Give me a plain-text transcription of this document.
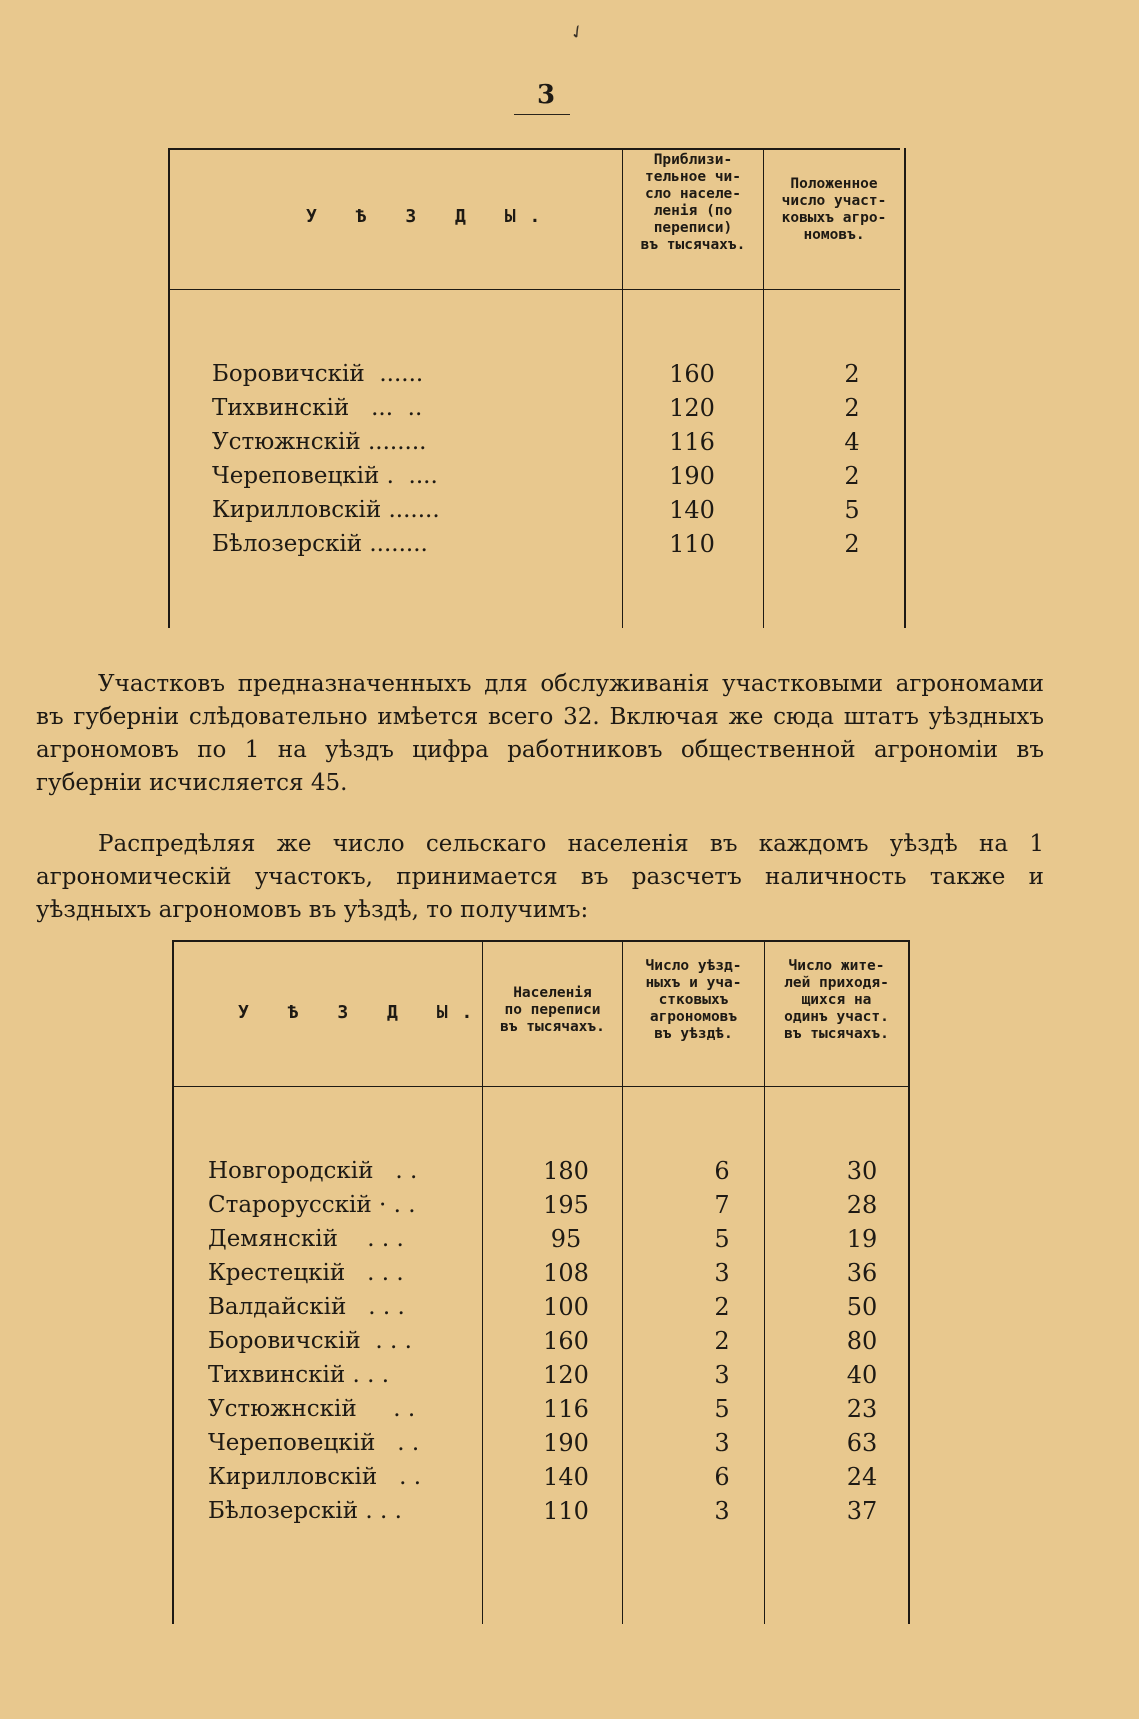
✓
3
У Ѣ З Д Ы.
Приблизи-
тельное чи-
сло населе-
ленія (по
переписи)
въ тысячахъ.
Положенное
число участ-
ковыхъ агро-
номовъ.
Боровичскій  ......	160	2
Тихвинскій   ...  ..	120	2
Устюжнскій ........	116	4
Череповецкій .  ....	190	2
Кирилловскій .......	140	5
Бѣлозерскій ........	110	2

Участковъ предназначенныхъ для обслуживанія участковыми агрономами въ губерніи слѣдовательно имѣется всего 32. Включая же сюда штатъ уѣздныхъ агрономовъ по 1 на уѣздъ цифра работниковъ общественной агрономіи въ губерніи исчисляется 45.

Распредѣляя же число сельскаго населенія въ каждомъ уѣздѣ на 1 агрономическій участокъ, принимается въ разсчетъ наличность также и уѣздныхъ агрономовъ въ уѣздѣ, то получимъ:

У Ѣ З Д Ы.
Населенія
по переписи
въ тысячахъ.
Число уѣзд-
ныхъ и уча-
стковыхъ
агрономовъ
въ уѣздѣ.
Число жите-
лей приходя-
щихся на
одинъ участ.
въ тысячахъ.
Новгородскій   . .	180	6	30
Старорусскій · . .	195	7	28
Демянскій    . . .	95	5	19
Крестецкій   . . .	108	3	36
Валдайскій   . . .	100	2	50
Боровичскій  . . .	160	2	80
Тихвинскій . . .	120	3	40
Устюжнскій     . .	116	5	23
Череповецкій   . .	190	3	63
Кирилловскій   . .	140	6	24
Бѣлозерскій . . .	110	3	37
